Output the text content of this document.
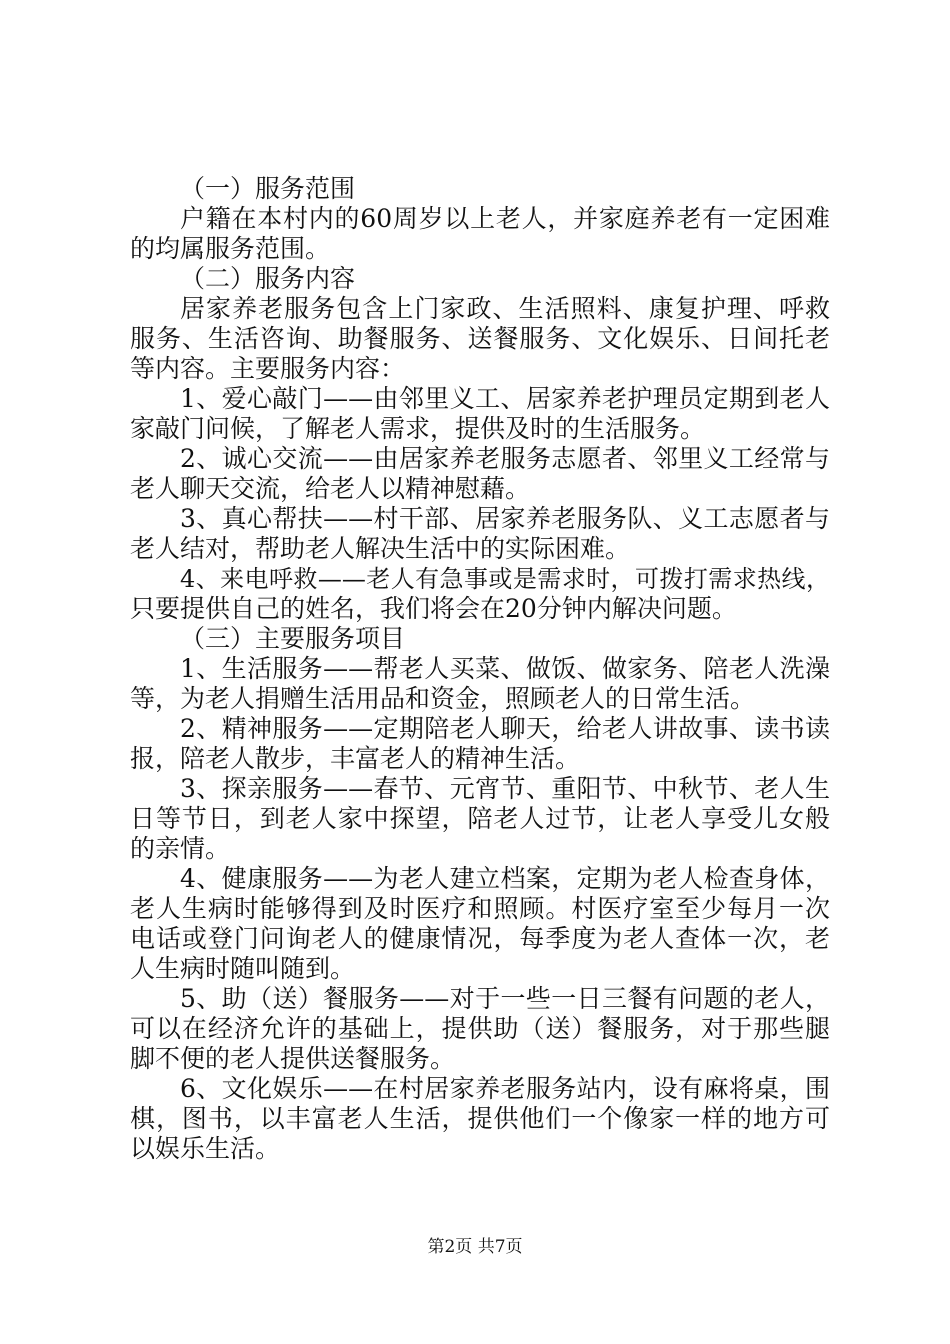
（一）服务范围
户籍在本村内的60周岁以上老人，并家庭养老有一定困难
的均属服务范围。
（二）服务内容
居家养老服务包含上门家政、生活照料、康复护理、呼救
服务、生活咨询、助餐服务、送餐服务、文化娱乐、日间托老
等内容。主要服务内容：
1、爱心敲门——由邻里义工、居家养老护理员定期到老人
家敲门问候，了解老人需求，提供及时的生活服务。
2、诚心交流——由居家养老服务志愿者、邻里义工经常与
老人聊天交流，给老人以精神慰藉。
3、真心帮扶——村干部、居家养老服务队、义工志愿者与
老人结对，帮助老人解决生活中的实际困难。
4、来电呼救——老人有急事或是需求时，可拨打需求热线，
只要提供自己的姓名，我们将会在20分钟内解决问题。
（三）主要服务项目
1、生活服务——帮老人买菜、做饭、做家务、陪老人洗澡
等，为老人捐赠生活用品和资金，照顾老人的日常生活。
2、精神服务——定期陪老人聊天，给老人讲故事、读书读
报，陪老人散步，丰富老人的精神生活。
3、探亲服务——春节、元宵节、重阳节、中秋节、老人生
日等节日，到老人家中探望，陪老人过节，让老人享受儿女般
的亲情。
4、健康服务——为老人建立档案，定期为老人检查身体，
老人生病时能够得到及时医疗和照顾。村医疗室至少每月一次
电话或登门问询老人的健康情况，每季度为老人查体一次，老
人生病时随叫随到。
5、助（送）餐服务——对于一些一日三餐有问题的老人，
可以在经济允许的基础上，提供助（送）餐服务，对于那些腿
脚不便的老人提供送餐服务。
6、文化娱乐——在村居家养老服务站内，设有麻将桌，围
棋，图书，以丰富老人生活，提供他们一个像家一样的地方可
以娱乐生活。
第2页 共7页
